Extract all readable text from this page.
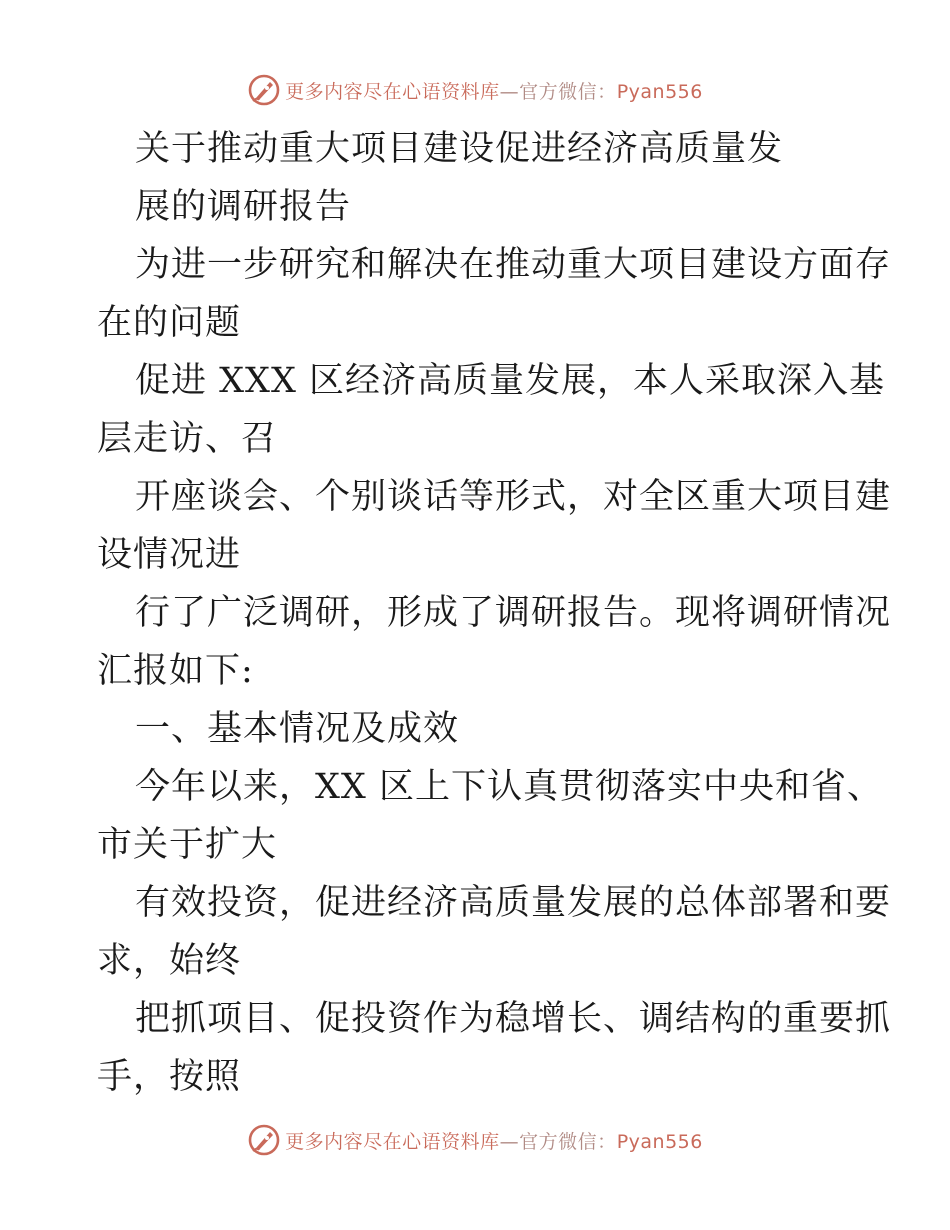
更多内容尽在心语资料库—官方微信：Pyan556
关于推动重大项目建设促进经济高质量发
展的调研报告
为进一步研究和解决在推动重大项目建设方面存
在的问题
促进 XXX 区经济高质量发展，本人采取深入基
层走访、召
开座谈会、个别谈话等形式，对全区重大项目建
设情况进
行了广泛调研，形成了调研报告。现将调研情况
汇报如下:
一、基本情况及成效
今年以来，XX 区上下认真贯彻落实中央和省、
市关于扩大
有效投资，促进经济高质量发展的总体部署和要
求，始终
把抓项目、促投资作为稳增长、调结构的重要抓
手，按照
更多内容尽在心语资料库—官方微信：Pyan556
